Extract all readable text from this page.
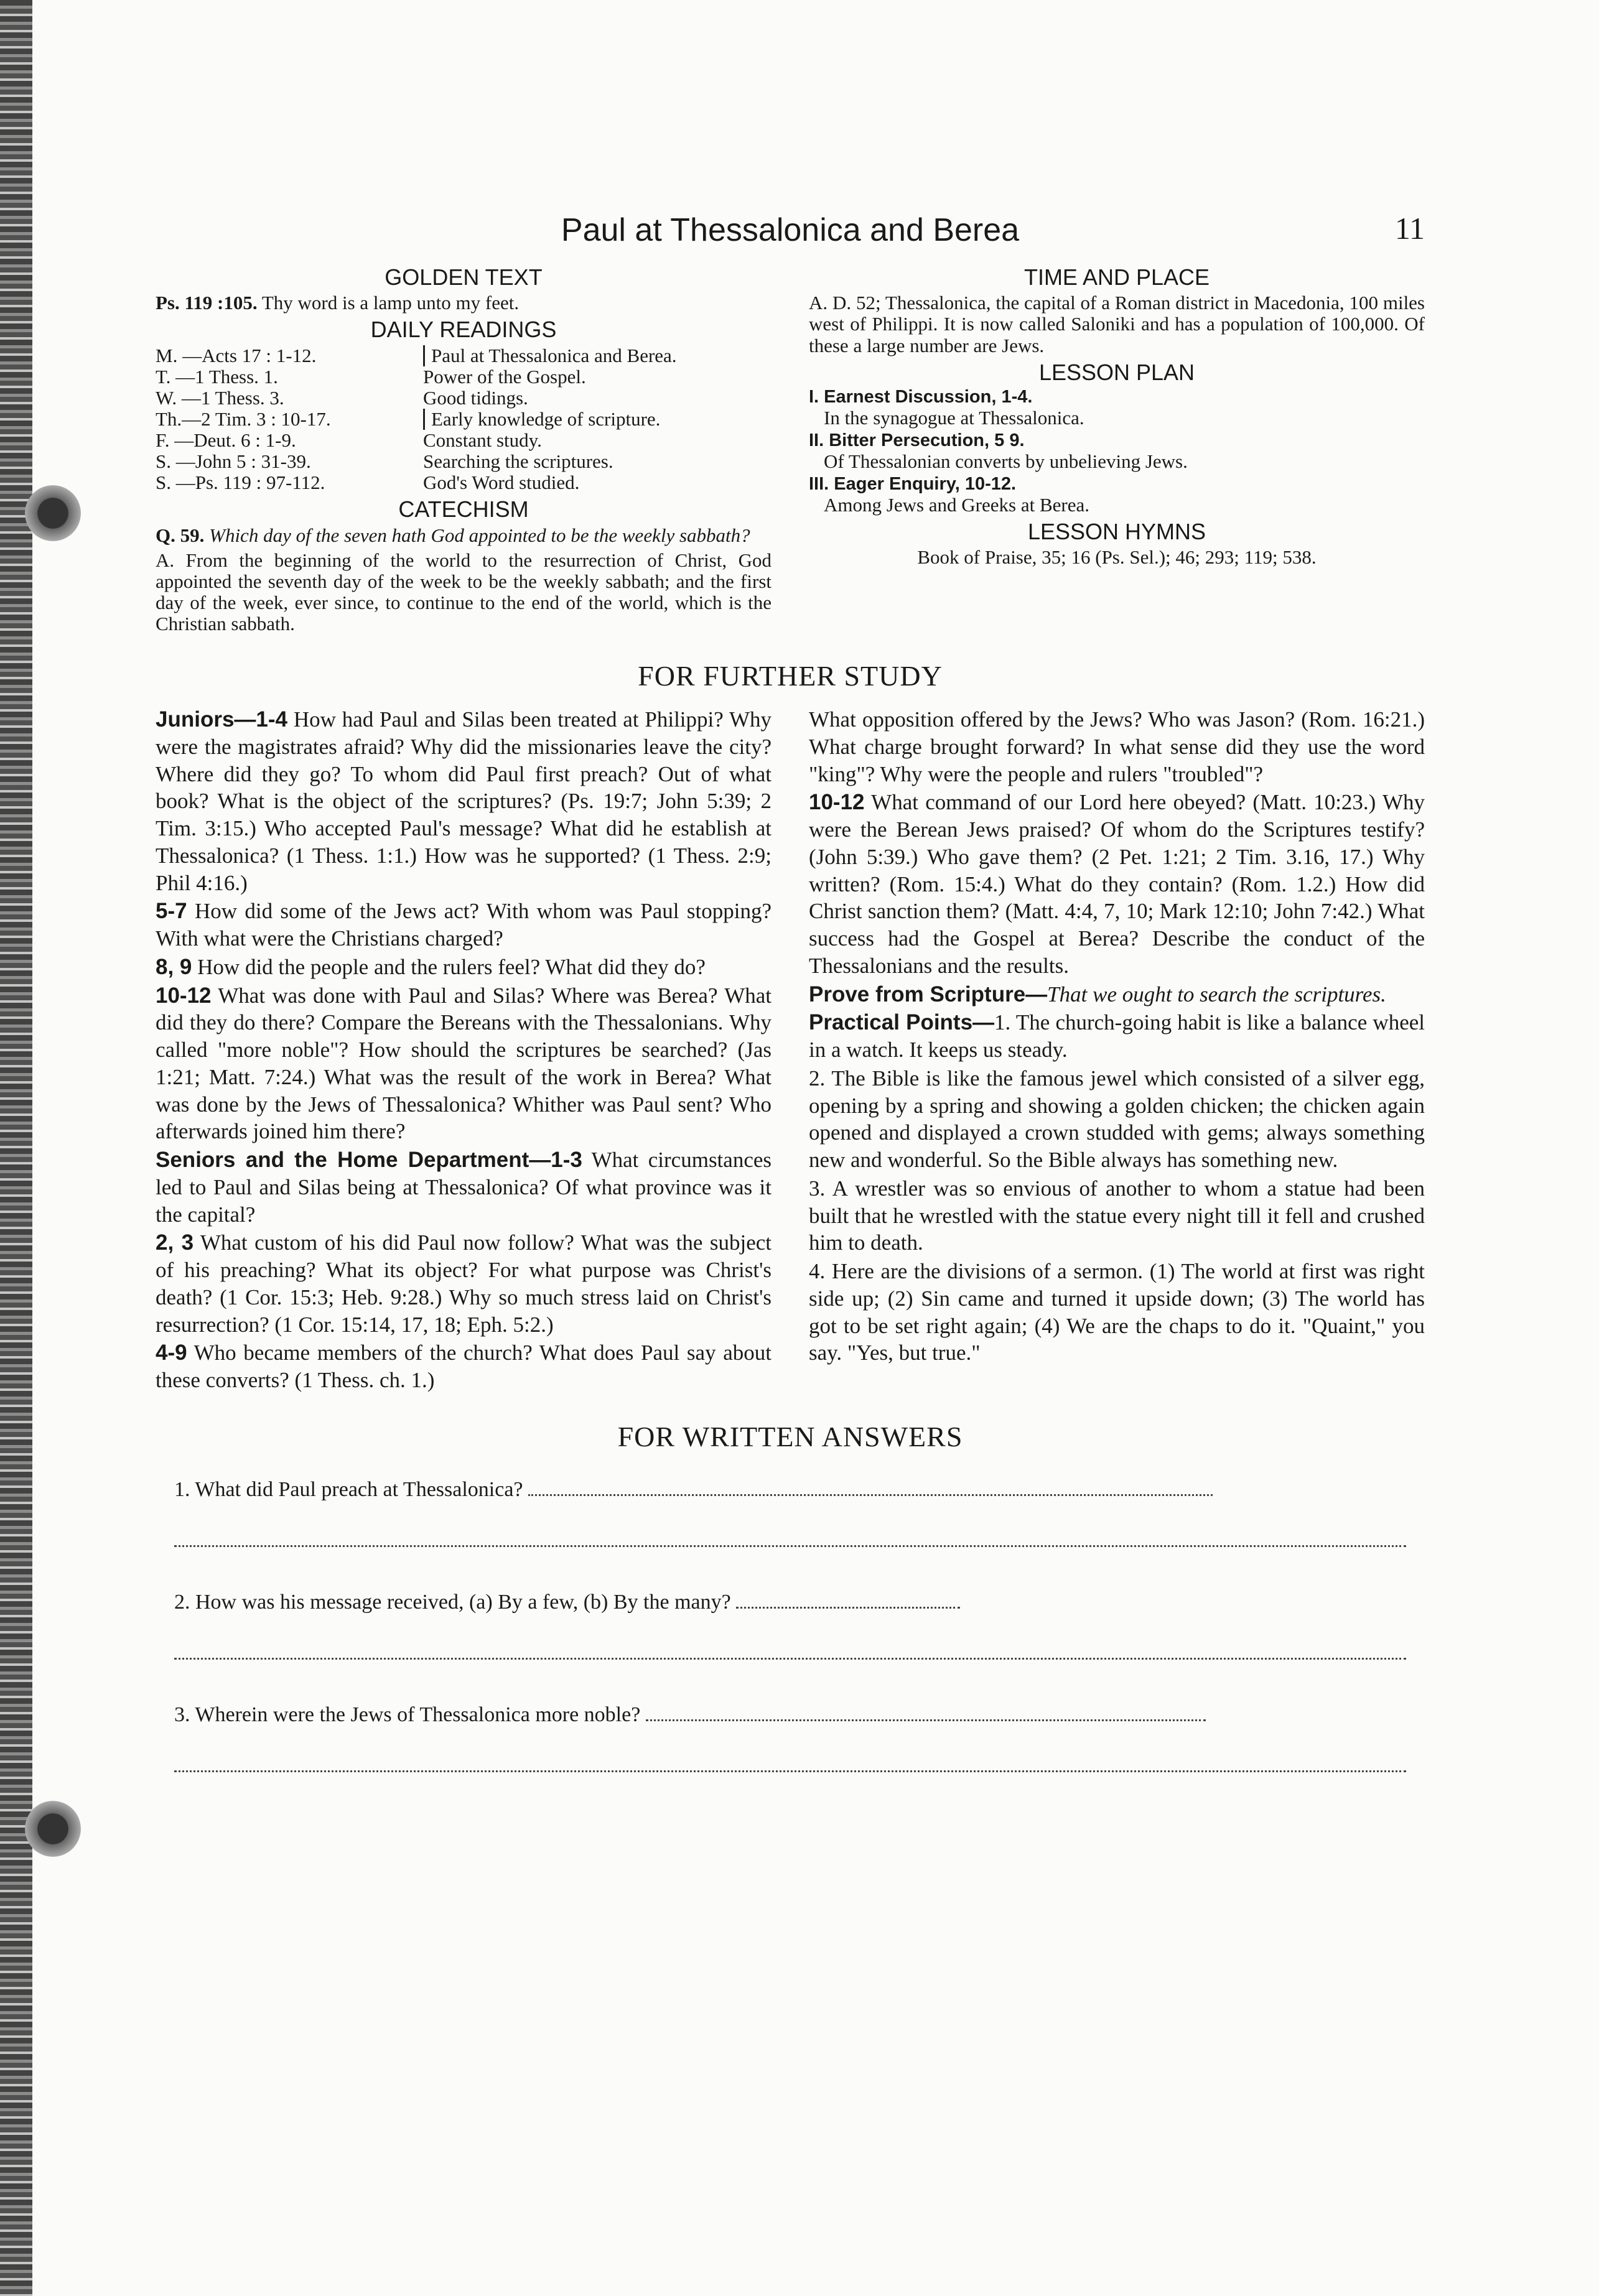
Paul at Thessalonica and Berea	11
GOLDEN TEXT
Ps. 119 :105. Thy word is a lamp unto my feet.
DAILY READINGS
M. —Acts 17 : 1-12.	Paul at Thessalonica and Berea.
T. —1 Thess. 1.	Power of the Gospel.
W. —1 Thess. 3.	Good tidings.
Th.—2 Tim. 3 : 10-17.	Early knowledge of scripture.
F. —Deut. 6 : 1-9.	Constant study.
S. —John 5 : 31-39.	Searching the scriptures.
S. —Ps. 119 : 97-112.	God's Word studied.
CATECHISM

Q. 59. Which day of the seven hath God appointed to be the weekly sabbath?

A. From the beginning of the world to the resurrection of Christ, God appointed the seventh day of the week to be the weekly sabbath; and the first day of the week, ever since, to continue to the end of the world, which is the Christian sabbath.

TIME AND PLACE

A. D. 52; Thessalonica, the capital of a Roman district in Macedonia, 100 miles west of Philippi. It is now called Saloniki and has a population of 100,000. Of these a large number are Jews.

LESSON PLAN
I. Earnest Discussion, 1-4.
In the synagogue at Thessalonica.
II. Bitter Persecution, 5 9.
Of Thessalonian converts by unbelieving Jews.
III. Eager Enquiry, 10-12.
Among Jews and Greeks at Berea.
LESSON HYMNS

Book of Praise, 35; 16 (Ps. Sel.); 46; 293; 119; 538.

FOR FURTHER STUDY

Juniors—1-4 How had Paul and Silas been treated at Philippi? Why were the magistrates afraid? Why did the missionaries leave the city? Where did they go? To whom did Paul first preach? Out of what book? What is the object of the scriptures? (Ps. 19:7; John 5:39; 2 Tim. 3:15.) Who accepted Paul's message? What did he establish at Thessalonica? (1 Thess. 1:1.) How was he supported? (1 Thess. 2:9; Phil 4:16.)

5-7 How did some of the Jews act? With whom was Paul stopping? With what were the Christians charged?

8, 9 How did the people and the rulers feel? What did they do?

10-12 What was done with Paul and Silas? Where was Berea? What did they do there? Compare the Bereans with the Thessalonians. Why called "more noble"? How should the scriptures be searched? (Jas 1:21; Matt. 7:24.) What was the result of the work in Berea? What was done by the Jews of Thessalonica? Whither was Paul sent? Who afterwards joined him there?

Seniors and the Home Department—1-3 What circumstances led to Paul and Silas being at Thessalonica? Of what province was it the capital?

2, 3 What custom of his did Paul now follow? What was the subject of his preaching? What its object? For what purpose was Christ's death? (1 Cor. 15:3; Heb. 9:28.) Why so much stress laid on Christ's resurrection? (1 Cor. 15:14, 17, 18; Eph. 5:2.)

4-9 Who became members of the church? What does Paul say about these converts? (1 Thess. ch. 1.)

What opposition offered by the Jews? Who was Jason? (Rom. 16:21.) What charge brought forward? In what sense did they use the word "king"? Why were the people and rulers "troubled"?

10-12 What command of our Lord here obeyed? (Matt. 10:23.) Why were the Berean Jews praised? Of whom do the Scriptures testify? (John 5:39.) Who gave them? (2 Pet. 1:21; 2 Tim. 3.16, 17.) Why written? (Rom. 15:4.) What do they contain? (Rom. 1.2.) How did Christ sanction them? (Matt. 4:4, 7, 10; Mark 12:10; John 7:42.) What success had the Gospel at Berea? Describe the conduct of the Thessalonians and the results.

Prove from Scripture—That we ought to search the scriptures.

Practical Points—1. The church-going habit is like a balance wheel in a watch. It keeps us steady.

2. The Bible is like the famous jewel which consisted of a silver egg, opening by a spring and showing a golden chicken; the chicken again opened and displayed a crown studded with gems; always something new and wonderful. So the Bible always has something new.

3. A wrestler was so envious of another to whom a statue had been built that he wrestled with the statue every night till it fell and crushed him to death.

4. Here are the divisions of a sermon. (1) The world at first was right side up; (2) Sin came and turned it upside down; (3) The world has got to be set right again; (4) We are the chaps to do it. "Quaint," you say. "Yes, but true."

FOR WRITTEN ANSWERS
1. What did Paul preach at Thessalonica?
2. How was his message received, (a) By a few, (b) By the many?
3. Wherein were the Jews of Thessalonica more noble?
